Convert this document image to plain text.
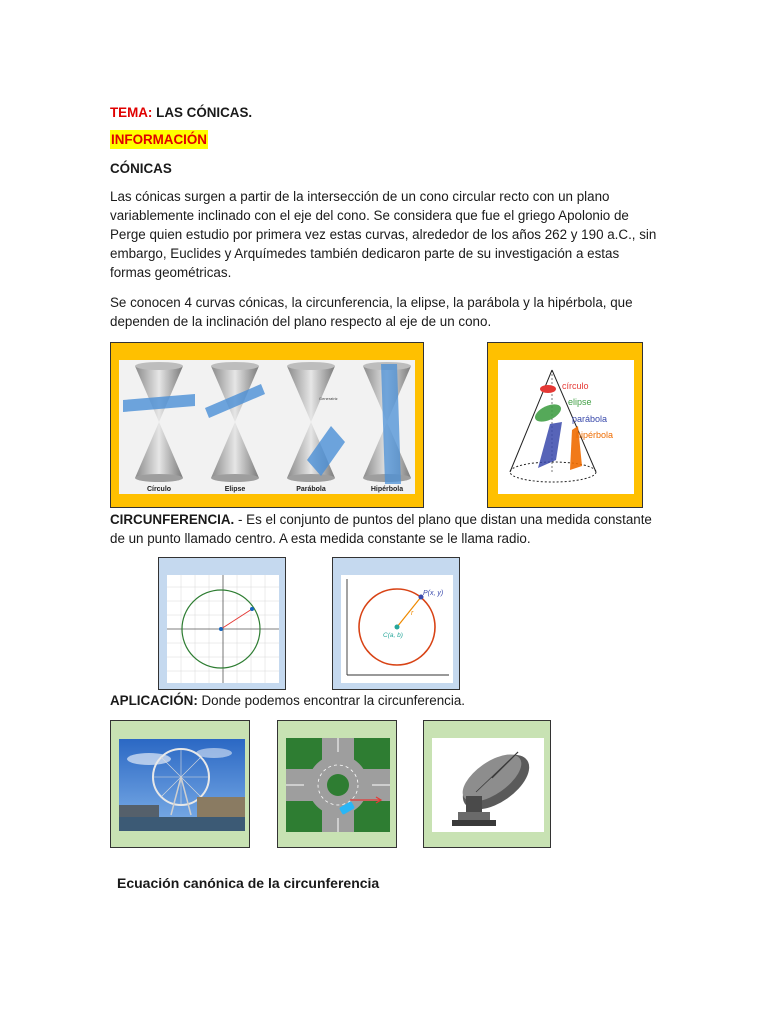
TEMA: LAS CÓNICAS.
INFORMACIÓN
CÓNICAS
Las cónicas surgen a partir de la intersección de un cono circular recto con un plano variablemente inclinado con el eje del cono. Se considera que fue el griego Apolonio de Perge quien estudio por primera vez estas curvas, alrededor de los años 262 y 190 a.C., sin embargo, Euclides y Arquímedes también dedicaron parte de su investigación a estas formas geométricas.
Se conocen 4 curvas cónicas, la circunferencia, la elipse, la parábola y la hipérbola, que dependen de la inclinación del plano respecto al eje de un cono.
Generatriz
Círculo	Elipse	Parábola	Hipérbola
círculo
elipse
parábola
hipérbola
CIRCUNFERENCIA. - Es el conjunto de puntos del plano que distan una medida constante de un punto llamado centro. A esta medida constante se le llama radio.
r
P(x, y)
C(a, b)
APLICACIÓN: Donde podemos encontrar la circunferencia.
Ecuación canónica de la circunferencia
